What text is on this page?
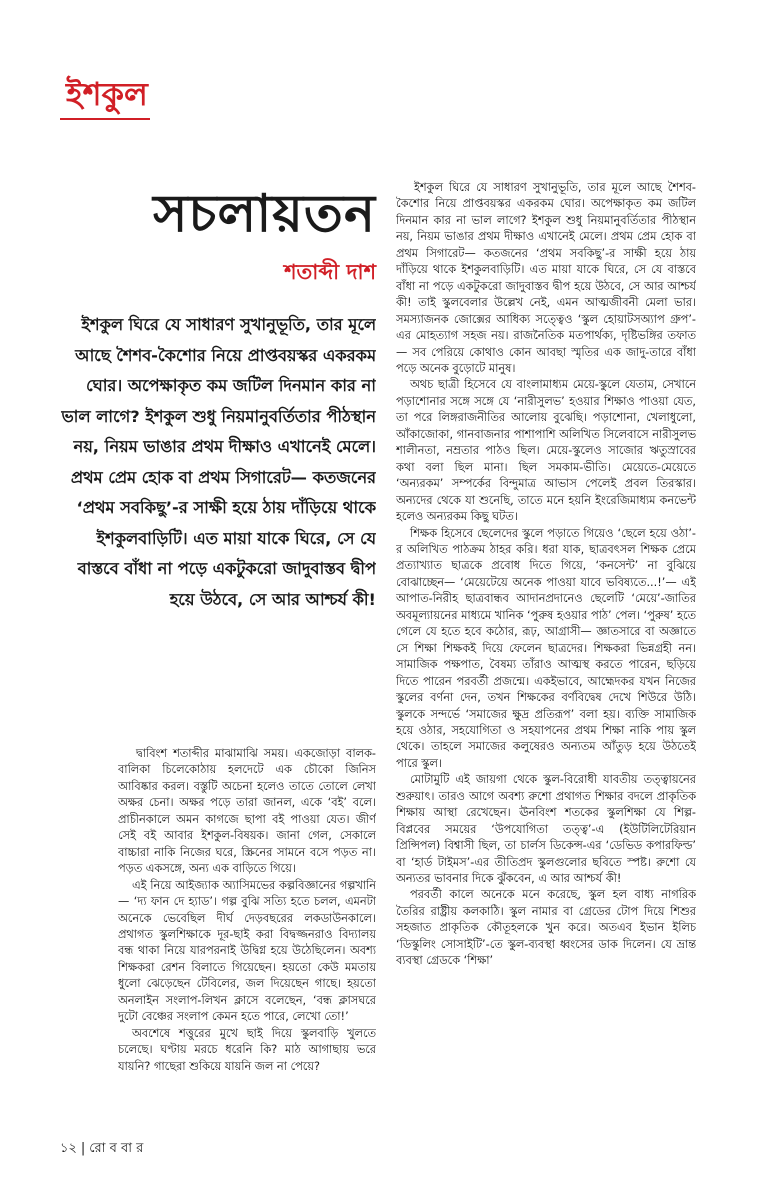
ইশকুল
সচলায়তন
শতাব্দী দাশ
ইশকুল ঘিরে যে সাধারণ সুখানুভূতি, তার মূলে আছে শৈশব-কৈশোর নিয়ে প্রাপ্তবয়স্কর একরকম ঘোর। অপেক্ষাকৃত কম জটিল দিনমান কার না ভাল লাগে? ইশকুল শুধু নিয়মানুবর্তিতার পীঠস্থান নয়, নিয়ম ভাঙার প্রথম দীক্ষাও এখানেই মেলে। প্রথম প্রেম হোক বা প্রথম সিগারেট— কতজনের ‘প্রথম সবকিছু’-র সাক্ষী হয়ে ঠায় দাঁড়িয়ে থাকে ইশকুলবাড়িটি। এত মায়া যাকে ঘিরে, সে যে বাস্তবে বাঁধা না পড়ে একটুকরো জাদুবাস্তব দ্বীপ হয়ে উঠবে, সে আর আশ্চর্য কী!

দ্বাবিংশ শতাব্দীর মাঝামাঝি সময়। একজোড়া বালক-বালিকা চিলেকোঠায় হলদেটে এক চৌকো জিনিস আবিষ্কার করল। বস্তুটি অচেনা হলেও তাতে তোলে লেখা অক্ষর চেনা। অক্ষর পড়ে তারা জানল, একে ‘বই’ বলে। প্রাচীনকালে অমন কাগজে ছাপা বই পাওয়া যেত। জীর্ণ সেই বই আবার ইশকুল-বিষয়ক। জানা গেল, সেকালে বাচ্চারা নাকি নিজের ঘরে, স্ক্রিনের সামনে বসে পড়ত না। পড়ত একসঙ্গে, অন্য এক বাড়িতে গিয়ে।

এই নিয়ে আইজ্যাক অ্যাসিমভের কল্পবিজ্ঞানের গল্পখানি— ‘দ্য ফান দে হ্যাড’। গল্প বুঝি সত্যি হতে চলল, এমনটা অনেকে ভেবেছিল দীর্ঘ দেড়বছরের লকডাউনকালে। প্রথাগত স্কুলশিক্ষাকে দূর-ছাই করা বিদ্বজ্জনরাও বিদ্যালয় বন্ধ থাকা নিয়ে যারপরনাই উদ্বিগ্ন হয়ে উঠেছিলেন। অবশ্য শিক্ষকরা রেশন বিলাতে গিয়েছেন। হয়তো কেউ মমতায় ধুলো ঝেড়েছেন টেবিলের, জল দিয়েছেন গাছে। হয়তো অনলাইন সংলাপ-লিখন ক্লাসে বলেছেন, ‘বন্ধ ক্লাসঘরে দুটো বেঞ্চের সংলাপ কেমন হতে পারে, লেখো তো!’

অবশেষে শত্তুরের মুখে ছাই দিয়ে স্কুলবাড়ি খুলতে চলেছে। ঘণ্টায় মরচে ধরেনি কি? মাঠ আগাছায় ভরে যায়নি? গাছেরা শুকিয়ে যায়নি জল না পেয়ে?

ইশকুল ঘিরে যে সাধারণ সুখানুভূতি, তার মূলে আছে শৈশব-কৈশোর নিয়ে প্রাপ্তবয়স্কর একরকম ঘোর। অপেক্ষাকৃত কম জটিল দিনমান কার না ভাল লাগে? ইশকুল শুধু নিয়মানুবর্তিতার পীঠস্থান নয়, নিয়ম ভাঙার প্রথম দীক্ষাও এখানেই মেলে। প্রথম প্রেম হোক বা প্রথম সিগারেট— কতজনের ‘প্রথম সবকিছু’-র সাক্ষী হয়ে ঠায় দাঁড়িয়ে থাকে ইশকুলবাড়িটি। এত মায়া যাকে ঘিরে, সে যে বাস্তবে বাঁধা না পড়ে একটুকরো জাদুবাস্তব দ্বীপ হয়ে উঠবে, সে আর আশ্চর্য কী! তাই স্কুলবেলার উল্লেখ নেই, এমন আত্মজীবনী মেলা ভার। সমস্যাজনক জোক্সের আধিক্য সত্ত্বেও ‘স্কুল হোয়াটসঅ্যাপ গ্রুপ’-এর মোহত্যাগ সহজ নয়। রাজনৈতিক মতপার্থক্য, দৃষ্টিভঙ্গির তফাত— সব পেরিয়ে কোথাও কোন আবছা স্মৃতির এক জাদু-তারে বাঁধা পড়ে অনেক বুড়োটে মানুষ।

অথচ ছাত্রী হিসেবে যে বাংলামাধ্যম মেয়ে-স্কুলে যেতাম, সেখানে পড়াশোনার সঙ্গে সঙ্গে যে ‘নারীসুলভ’ হওয়ার শিক্ষাও পাওয়া যেত, তা পরে লিঙ্গরাজনীতির আলোয় বুঝেছি। পড়াশোনা, খেলাধুলো, আঁকাজোকা, গানবাজনার পাশাপাশি অলিখিত সিলেবাসে নারীসুলভ শালীনতা, নম্রতার পাঠও ছিল। মেয়ে-স্কুলেও সাজোর ঋতুস্রাবের কথা বলা ছিল মানা। ছিল সমকাম-ভীতি। মেয়েতে-মেয়েতে ‘অন্যরকম’ সম্পর্কের বিন্দুমাত্র আভাস পেলেই প্রবল তিরস্কার। অন্যদের থেকে যা শুনেছি, তাতে মনে হয়নি ইংরেজিমাধ্যম কনভেন্ট হলেও অন্যরকম কিছু ঘটত।

শিক্ষক হিসেবে ছেলেদের স্কুলে পড়াতে গিয়েও ‘ছেলে হয়ে ওঠা’-র অলিখিত পাঠক্রম ঠাহর করি। ধরা যাক, ছাত্রবৎসল শিক্ষক প্রেমে প্রত্যাখ্যাত ছাত্রকে প্রবোধ দিতে গিয়ে, ‘কনসেন্ট’ না বুঝিয়ে বোঝাচ্ছেন— ‘মেয়েটেয়ে অনেক পাওয়া যাবে ভবিষ্যতে...!’— এই আপাত-নিরীহ ছাত্রবান্ধব আদানপ্রদানেও ছেলেটি ‘মেয়ে’-জাতির অবমূল্যায়নের মাধ্যমে খানিক ‘পুরুষ হওয়ার পাঠ’ পেল। ‘পুরুষ’ হতে গেলে যে হতে হবে কঠোর, রূঢ়, আগ্রাসী— জ্ঞাতসারে বা অজ্ঞাতে সে শিক্ষা শিক্ষকই দিয়ে ফেলেন ছাত্রদের। শিক্ষকরা ভিন্নগ্রহী নন। সামাজিক পক্ষপাত, বৈষম্য তাঁরাও আত্মস্থ করতে পারেন, ছড়িয়ে দিতে পারেন পরবর্তী প্রজন্মে। একইভাবে, আহ্মেদকর যখন নিজের স্কুলের বর্ণনা দেন, তখন শিক্ষকের বর্ণবিদ্বেষ দেখে শিউরে উঠি। স্কুলকে সন্দর্ভে ‘সমাজের ক্ষুদ্র প্রতিরূপ’ বলা হয়। ব্যক্তি সামাজিক হয়ে ওঠার, সহযোগিতা ও সহযাপনের প্রথম শিক্ষা নাকি পায় স্কুল থেকে। তাহলে সমাজের কলুষেরও অন্যতম আঁতুড় হয়ে উঠতেই পারে স্কুল।

মোটামুটি এই জায়গা থেকে স্কুল-বিরোধী যাবতীয় তত্ত্বায়নের শুরুয়াৎ। তারও আগে অবশ্য রুশো প্রথাগত শিক্ষার বদলে প্রাকৃতিক শিক্ষায় আস্থা রেখেছেন। ঊনবিংশ শতকের স্কুলশিক্ষা যে শিল্প-বিপ্লবের সময়ের ‘উপযোগিতা তত্ত্ব’-এ (ইউটিলিটেরিয়ান প্রিন্সিপল) বিশ্বাসী ছিল, তা চার্লস ডিকেন্স-এর ‘ডেভিড কপারফিল্ড’ বা ‘হার্ড টাইমস’-এর তীতিপ্রদ স্কুলগুলোর ছবিতে স্পষ্ট। রুশো যে অন্যতর ভাবনার দিকে ঝুঁকবেন, এ আর আশ্চর্য কী!

পরবর্তী কালে অনেকে মনে করেছে, স্কুল হল বাধ্য নাগরিক তৈরির রাষ্ট্রীয় কলকাঠি। স্কুল নামার বা গ্রেডের টোপ দিয়ে শিশুর সহজাত প্রাকৃতিক কৌতূহলকে খুন করে। অতএব ইভান ইলিচ ‘ডিস্কুলিং সোসাইটি’-তে স্কুল-ব্যবস্থা ধ্বংসের ডাক দিলেন। যে ভ্রান্ত ব্যবস্থা গ্রেডকে ‘শিক্ষা’

১২ | রো ব বা র
